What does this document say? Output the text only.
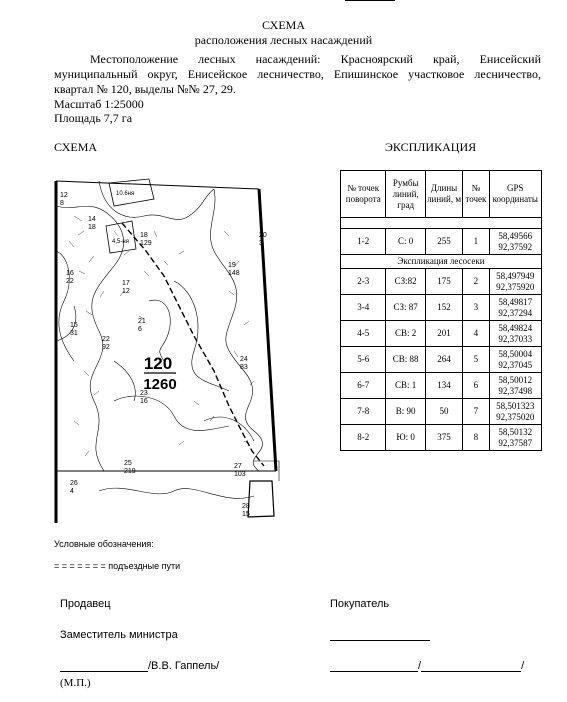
СХЕМА
расположения лесных насаждений
Местоположение лесных насаждений: Красноярский край, Енисейский муниципальный округ, Енисейское лесничество, Епишинское участковое лесничество, квартал № 120, выделы №№ 27, 29.
Масштаб 1:25000
Площадь 7,7 га
СХЕМА	ЭКСПЛИКАЦИЯ
12 8
14 18
18 129
19 148
20 3
16 22	17 12
21 6
15 31
22 92
24 83
23 16
25 219
27 103
26 4
28 15
10.6ня
4,5-ня
120
1260
№ точек поворота	Румбы линий, град	Длины линий, м	№ точек	GPS координаты

1-2	С: 0	255	1	58,49566
92,37592
Экспликация лесосеки				
2-3	СЗ:82	175	2	58,497949
92,375920
3-4	СЗ: 87	152	3	58,49817
92,37294
4-5	СВ: 2	201	4	58,49824
92,37033
5-6	СВ: 88	264	5	58,50004
92,37045
6-7	СВ: 1	134	6	58,50012
92,37498
7-8	В: 90	50	7	58,501323
92,375020
8-2	Ю: 0	375	8	58,50132
92,37587
Условные обозначения:
= = = = = = = подъездные пути
Продавец	Покупатель
Заместитель министра
/В.В. Гаппель/	/	/
(М.П.)
